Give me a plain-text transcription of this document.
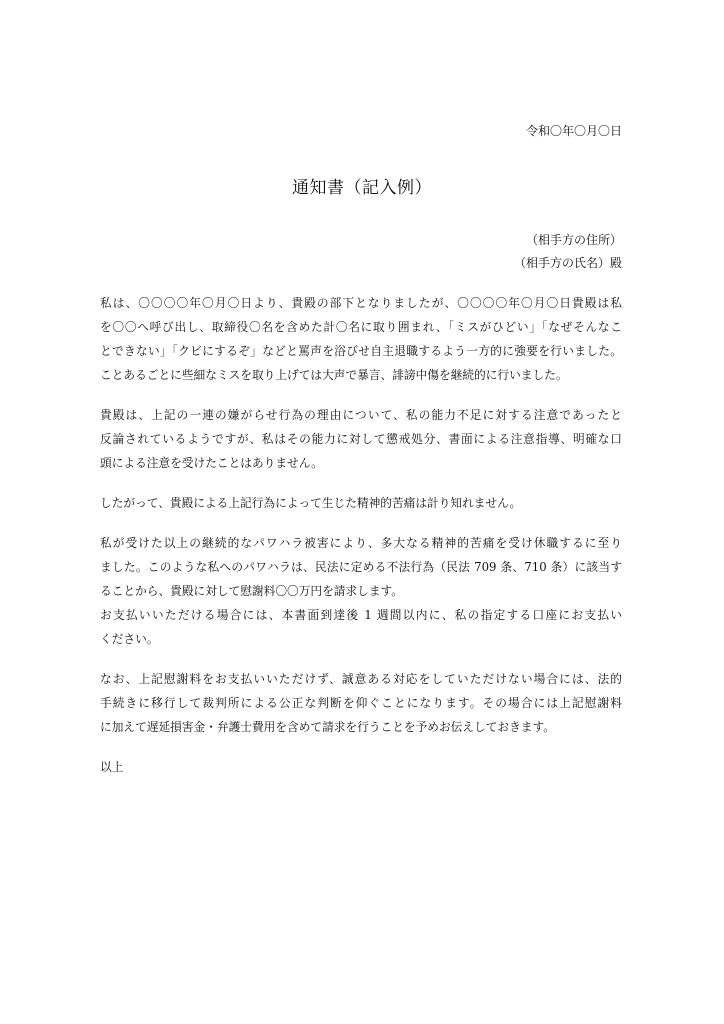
令和〇年〇月〇日
通知書（記入例）
（相手方の住所）
（相手方の氏名）殿
私は、〇〇〇〇年〇月〇日より、貴殿の部下となりましたが、〇〇〇〇年〇月〇日貴殿は私
を〇〇へ呼び出し、取締役〇名を含めた計〇名に取り囲まれ、「ミスがひどい」「なぜそんなこ
とできない」「クビにするぞ」などと罵声を浴びせ自主退職するよう一方的に強要を行いました。
ことあるごとに些細なミスを取り上げては大声で暴言、誹謗中傷を継続的に行いました。
貴殿は、上記の一連の嫌がらせ行為の理由について、私の能力不足に対する注意であったと
反論されているようですが、私はその能力に対して懲戒処分、書面による注意指導、明確な口
頭による注意を受けたことはありません。
したがって、貴殿による上記行為によって生じた精神的苦痛は計り知れません。
私が受けた以上の継続的なパワハラ被害により、多大なる精神的苦痛を受け休職するに至り
ました。このような私へのパワハラは、民法に定める不法行為（民法 709 条、710 条）に該当す
ることから、貴殿に対して慰謝料〇〇万円を請求します。
お支払いいただける場合には、本書面到達後 1 週間以内に、私の指定する口座にお支払い
ください。
なお、上記慰謝料をお支払いいただけず、誠意ある対応をしていただけない場合には、法的
手続きに移行して裁判所による公正な判断を仰ぐことになります。その場合には上記慰謝料
に加えて遅延損害金・弁護士費用を含めて請求を行うことを予めお伝えしておきます。
以上
